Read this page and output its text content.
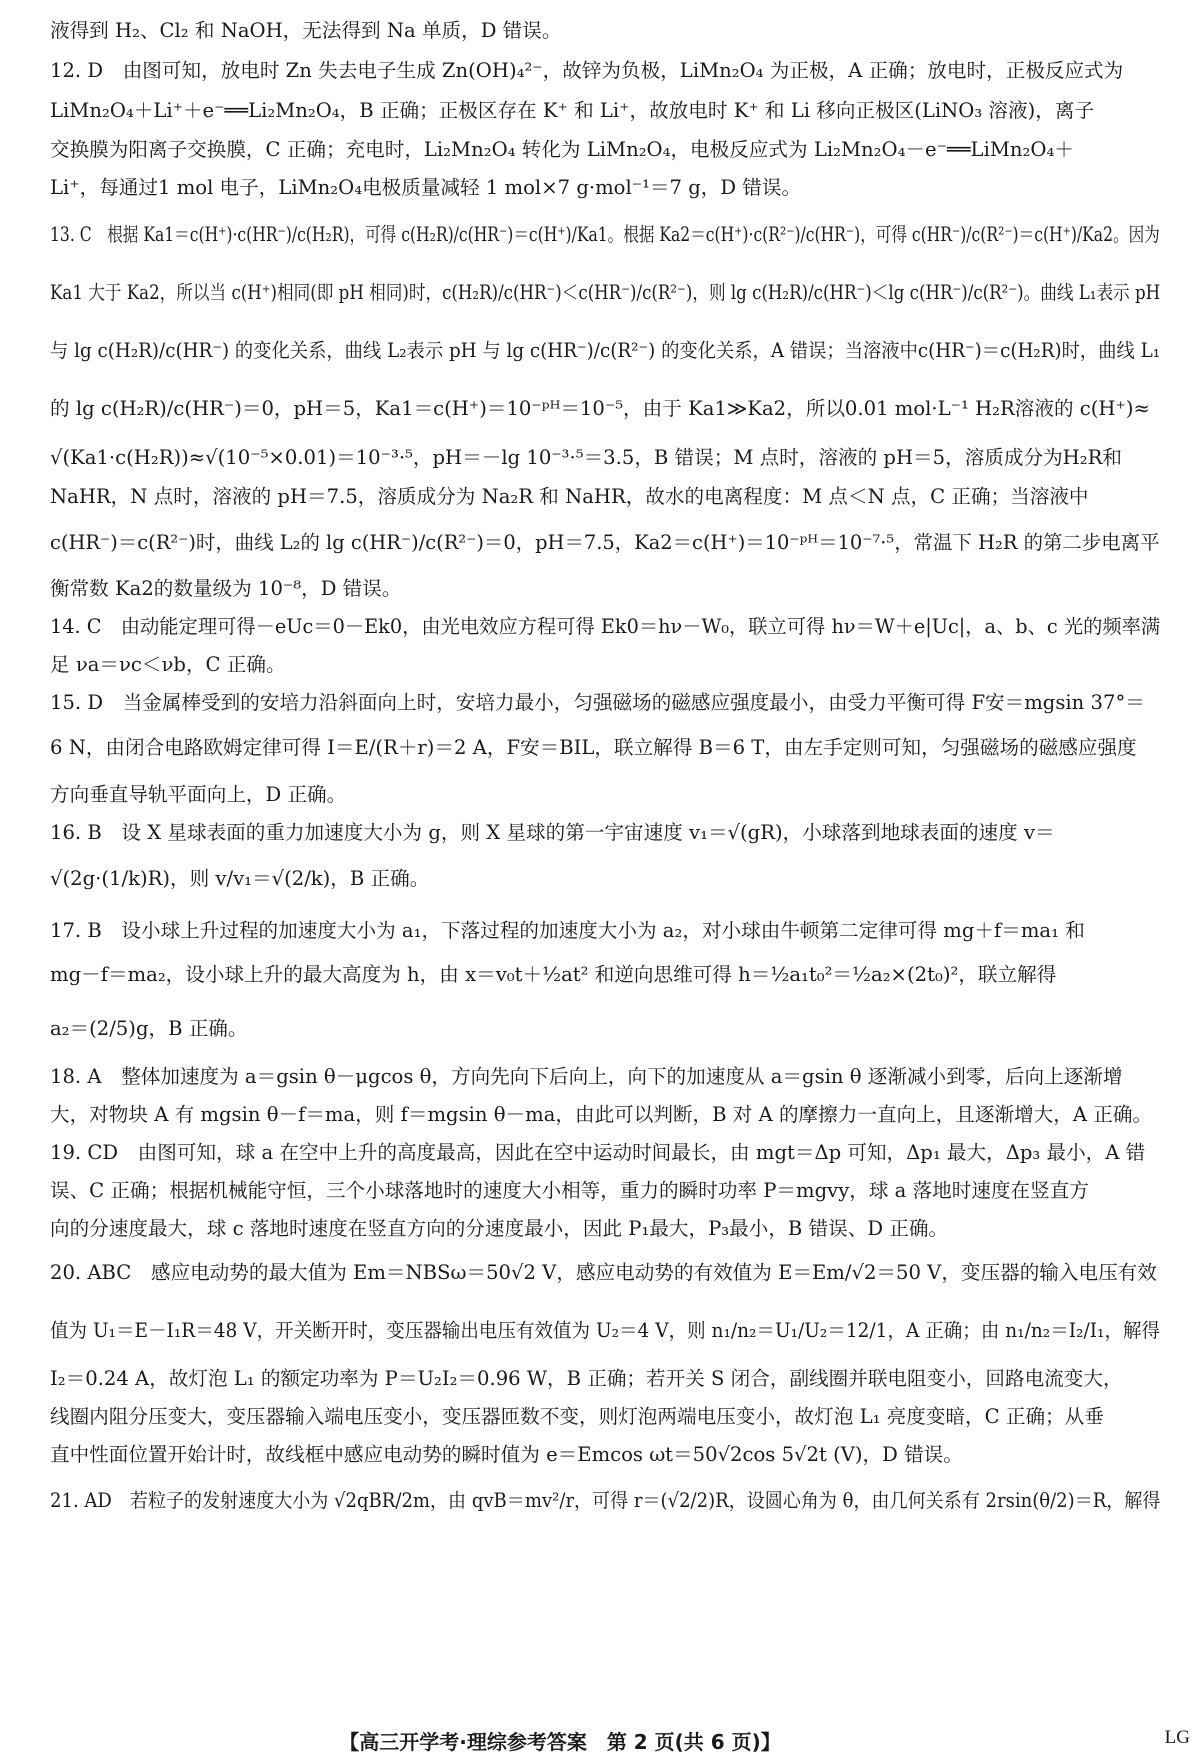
液得到 H₂、Cl₂ 和 NaOH，无法得到 Na 单质，D 错误。
12. D　由图可知，放电时 Zn 失去电子生成 Zn(OH)₄²⁻，故锌为负极，LiMn₂O₄ 为正极，A 正确；放电时，正极反应式为
LiMn₂O₄＋Li⁺＋e⁻══Li₂Mn₂O₄，B 正确；正极区存在 K⁺ 和 Li⁺，故放电时 K⁺ 和 Li 移向正极区(LiNO₃ 溶液)，离子
交换膜为阳离子交换膜，C 正确；充电时，Li₂Mn₂O₄ 转化为 LiMn₂O₄，电极反应式为 Li₂Mn₂O₄－e⁻══LiMn₂O₄＋
Li⁺，每通过1 mol 电子，LiMn₂O₄电极质量减轻 1 mol×7 g·mol⁻¹＝7 g，D 错误。
13. C　根据 Ka1＝c(H⁺)·c(HR⁻)/c(H₂R)，可得 c(H₂R)/c(HR⁻)＝c(H⁺)/Ka1。根据 Ka2＝c(H⁺)·c(R²⁻)/c(HR⁻)，可得 c(HR⁻)/c(R²⁻)＝c(H⁺)/Ka2。因为
Ka1 大于 Ka2，所以当 c(H⁺)相同(即 pH 相同)时，c(H₂R)/c(HR⁻)＜c(HR⁻)/c(R²⁻)，则 lg c(H₂R)/c(HR⁻)＜lg c(HR⁻)/c(R²⁻)。曲线 L₁表示 pH
与 lg c(H₂R)/c(HR⁻) 的变化关系，曲线 L₂表示 pH 与 lg c(HR⁻)/c(R²⁻) 的变化关系，A 错误；当溶液中c(HR⁻)＝c(H₂R)时，曲线 L₁
的 lg c(H₂R)/c(HR⁻)＝0，pH＝5，Ka1＝c(H⁺)＝10⁻ᵖᴴ＝10⁻⁵，由于 Ka1≫Ka2，所以0.01 mol·L⁻¹ H₂R溶液的 c(H⁺)≈
√(Ka1·c(H₂R))≈√(10⁻⁵×0.01)＝10⁻³·⁵，pH＝－lg 10⁻³·⁵＝3.5，B 错误；M 点时，溶液的 pH＝5，溶质成分为H₂R和
NaHR，N 点时，溶液的 pH＝7.5，溶质成分为 Na₂R 和 NaHR，故水的电离程度：M 点＜N 点，C 正确；当溶液中
c(HR⁻)＝c(R²⁻)时，曲线 L₂的 lg c(HR⁻)/c(R²⁻)＝0，pH＝7.5，Ka2＝c(H⁺)＝10⁻ᵖᴴ＝10⁻⁷·⁵，常温下 H₂R 的第二步电离平
衡常数 Ka2的数量级为 10⁻⁸，D 错误。
14. C　由动能定理可得－eUc＝0－Ek0，由光电效应方程可得 Ek0＝hν－W₀，联立可得 hν＝W＋e|Uc|，a、b、c 光的频率满
足 νa＝νc＜νb，C 正确。
15. D　当金属棒受到的安培力沿斜面向上时，安培力最小，匀强磁场的磁感应强度最小，由受力平衡可得 F安＝mgsin 37°＝
6 N，由闭合电路欧姆定律可得 I＝E/(R＋r)＝2 A，F安＝BIL，联立解得 B＝6 T，由左手定则可知，匀强磁场的磁感应强度
方向垂直导轨平面向上，D 正确。
16. B　设 X 星球表面的重力加速度大小为 g，则 X 星球的第一宇宙速度 v₁＝√(gR)，小球落到地球表面的速度 v＝
√(2g·(1/k)R)，则 v/v₁＝√(2/k)，B 正确。
17. B　设小球上升过程的加速度大小为 a₁，下落过程的加速度大小为 a₂，对小球由牛顿第二定律可得 mg＋f＝ma₁ 和
mg－f＝ma₂，设小球上升的最大高度为 h，由 x＝v₀t＋½at² 和逆向思维可得 h＝½a₁t₀²＝½a₂×(2t₀)²，联立解得
a₂＝(2/5)g，B 正确。
18. A　整体加速度为 a＝gsin θ－μgcos θ，方向先向下后向上，向下的加速度从 a＝gsin θ 逐渐减小到零，后向上逐渐增
大，对物块 A 有 mgsin θ－f＝ma，则 f＝mgsin θ－ma，由此可以判断，B 对 A 的摩擦力一直向上，且逐渐增大，A 正确。
19. CD　由图可知，球 a 在空中上升的高度最高，因此在空中运动时间最长，由 mgt＝Δp 可知，Δp₁ 最大，Δp₃ 最小，A 错
误、C 正确；根据机械能守恒，三个小球落地时的速度大小相等，重力的瞬时功率 P＝mgvy，球 a 落地时速度在竖直方
向的分速度最大，球 c 落地时速度在竖直方向的分速度最小，因此 P₁最大，P₃最小，B 错误、D 正确。
20. ABC　感应电动势的最大值为 Em＝NBSω＝50√2 V，感应电动势的有效值为 E＝Em/√2＝50 V，变压器的输入电压有效
值为 U₁＝E－I₁R＝48 V，开关断开时，变压器输出电压有效值为 U₂＝4 V，则 n₁/n₂＝U₁/U₂＝12/1，A 正确；由 n₁/n₂＝I₂/I₁，解得
I₂＝0.24 A，故灯泡 L₁ 的额定功率为 P＝U₂I₂＝0.96 W，B 正确；若开关 S 闭合，副线圈并联电阻变小，回路电流变大，
线圈内阻分压变大，变压器输入端电压变小，变压器匝数不变，则灯泡两端电压变小，故灯泡 L₁ 亮度变暗，C 正确；从垂
直中性面位置开始计时，故线框中感应电动势的瞬时值为 e＝Emcos ωt＝50√2cos 5√2t (V)，D 错误。
21. AD　若粒子的发射速度大小为 √2qBR/2m，由 qvB＝mv²/r，可得 r＝(√2/2)R，设圆心角为 θ，由几何关系有 2rsin(θ/2)＝R，解得
【高三开学考·理综参考答案　第 2 页(共 6 页)】	LG
